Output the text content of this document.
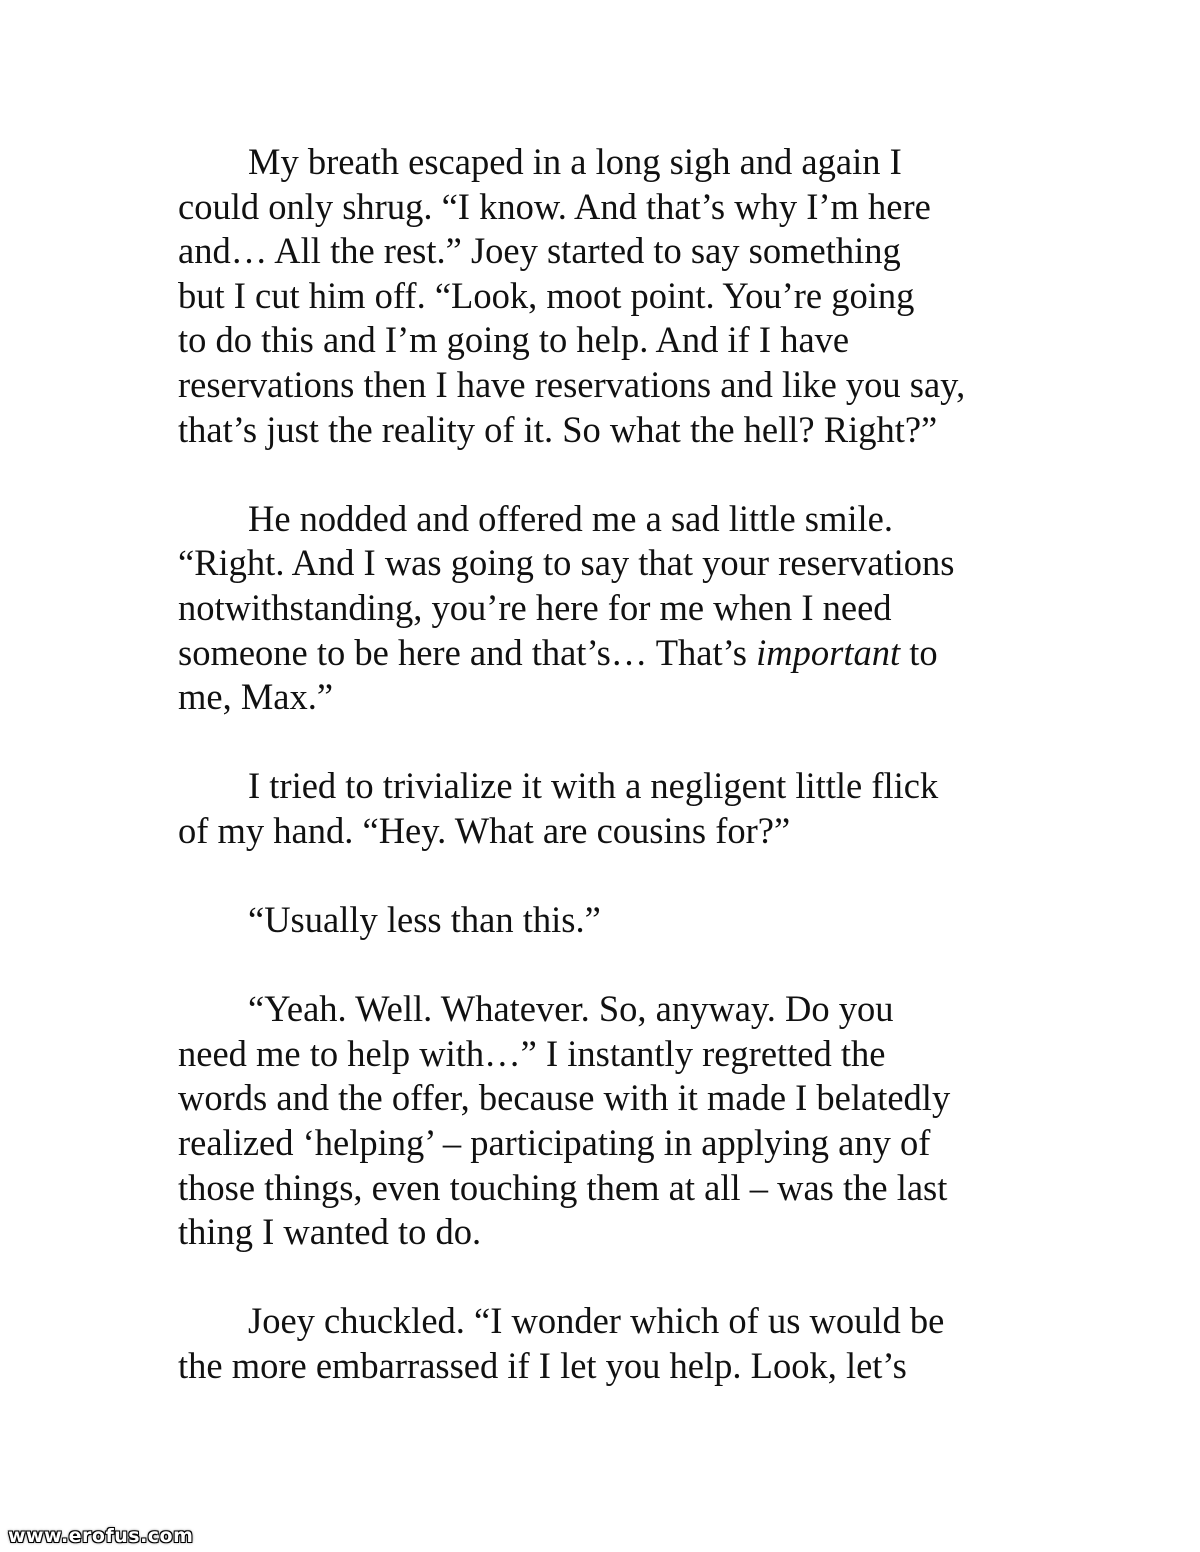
My breath escaped in a long sigh and again I
could only shrug. “I know. And that’s why I’m here
and… All the rest.” Joey started to say something
but I cut him off. “Look, moot point. You’re going
to do this and I’m going to help. And if I have
reservations then I have reservations and like you say,
that’s just the reality of it. So what the hell? Right?”
He nodded and offered me a sad little smile.
“Right. And I was going to say that your reservations
notwithstanding, you’re here for me when I need
someone to be here and that’s… That’s important to
me, Max.”
I tried to trivialize it with a negligent little flick
of my hand. “Hey. What are cousins for?”
“Usually less than this.”
“Yeah. Well. Whatever. So, anyway. Do you
need me to help with…” I instantly regretted the
words and the offer, because with it made I belatedly
realized ‘helping’ – participating in applying any of
those things, even touching them at all – was the last
thing I wanted to do.
Joey chuckled. “I wonder which of us would be
the more embarrassed if I let you help. Look, let’s
www.erofus.com
